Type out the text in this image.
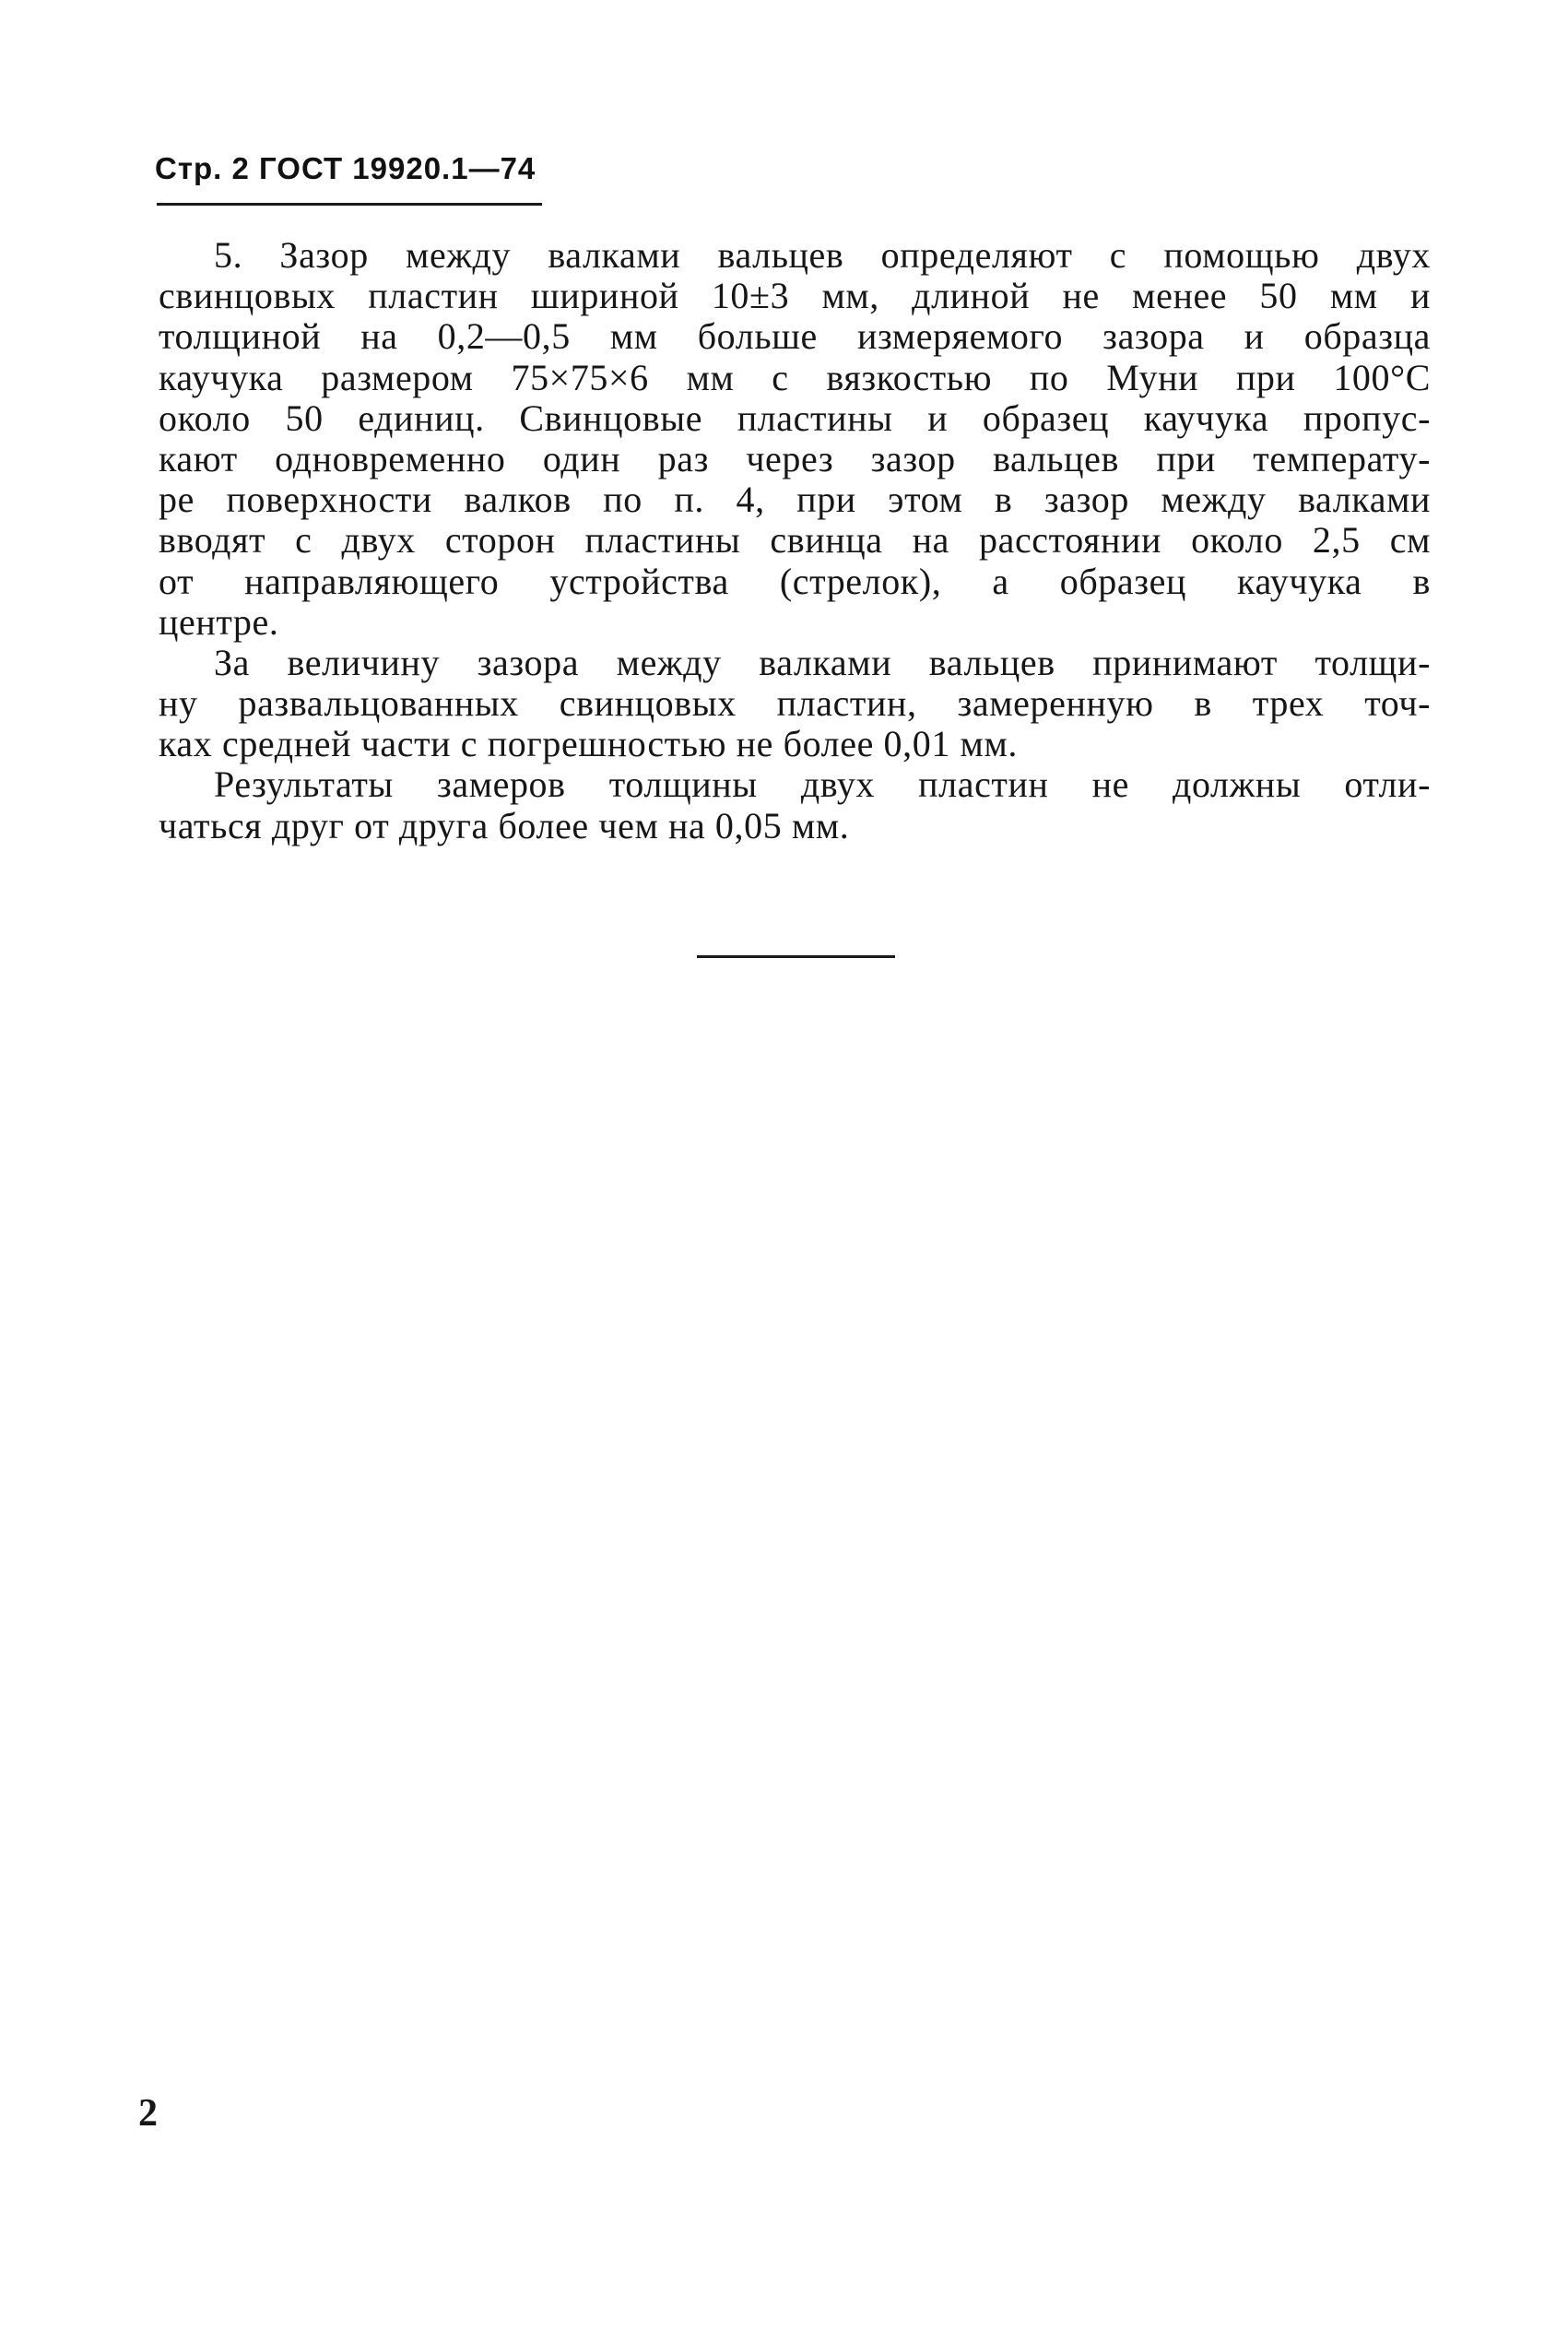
Стр. 2 ГОСТ 19920.1—74
5. Зазор между валками вальцев определяют с помощью двух
свинцовых пластин шириной 10±3 мм, длиной не менее 50 мм и
толщиной на 0,2—0,5 мм больше измеряемого зазора и образца
каучука размером 75×75×6 мм с вязкостью по Муни при 100°С
около 50 единиц. Свинцовые пластины и образец каучука пропус-
кают одновременно один раз через зазор вальцев при температу-
ре поверхности валков по п. 4, при этом в зазор между валками
вводят с двух сторон пластины свинца на расстоянии около 2,5 см
от направляющего устройства (стрелок), а образец каучука в
центре.
За величину зазора между валками вальцев принимают толщи-
ну развальцованных свинцовых пластин, замеренную в трех точ-
ках средней части с погрешностью не более 0,01 мм.
Результаты замеров толщины двух пластин не должны отли-
чаться друг от друга более чем на 0,05 мм.
2
